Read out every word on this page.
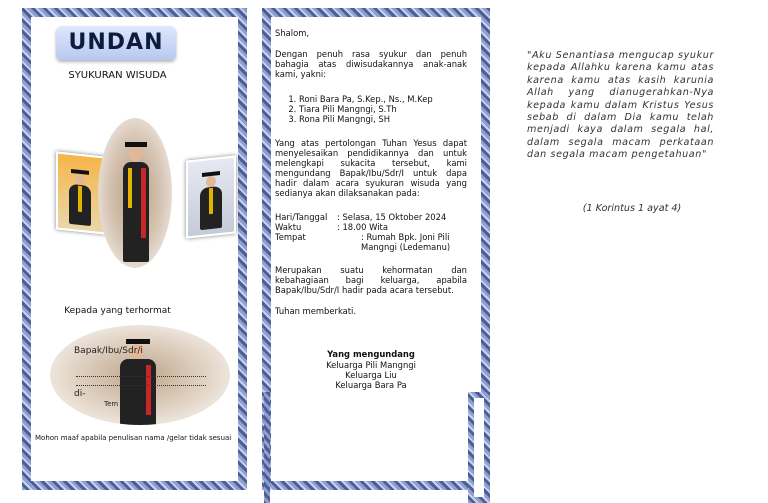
UNDAN
SYUKURAN WISUDA
Kepada yang terhormat
Bapak/Ibu/Sdr/i
di-
Tem
Mohon maaf apabila penulisan nama /gelar tidak sesuai
Shalom,
Dengan penuh rasa syukur dan penuh bahagia atas diwisudakannya anak-anak kami, yakni:
1. Roni Bara Pa, S.Kep., Ns., M.Kep
2. Tiara Pili Mangngi, S.Th
3. Rona Pili Mangngi, SH
Yang atas pertolongan Tuhan Yesus dapat menyelesaikan pendidikannya dan untuk melengkapi sukacita tersebut, kami mengundang Bapak/Ibu/Sdr/I untuk dapa hadir dalam acara syukuran wisuda yang sedianya akan dilaksanakan pada:
Hari/Tanggal	: Selasa, 15 Oktober 2024
Waktu	: 18.00 Wita
Tempat	: Rumah Bpk. Joni Pili Mangngi (Ledemanu)
Merupakan suatu kehormatan dan kebahagiaan bagi keluarga, apabila Bapak/Ibu/Sdr/I hadir pada acara tersebut.
Tuhan memberkati.
Yang mengundang
Keluarga Pili Mangngi
Keluarga Liu
Keluarga Bara Pa
"Aku Senantiasa mengucap syukur kepada Allahku karena kamu atas karena kamu atas kasih karunia Allah yang dianugerahkan-Nya kepada kamu dalam Kristus Yesus sebab di dalam Dia kamu telah menjadi kaya dalam segala hal, dalam segala macam perkataan dan segala macam pengetahuan"
(1 Korintus 1 ayat 4)
